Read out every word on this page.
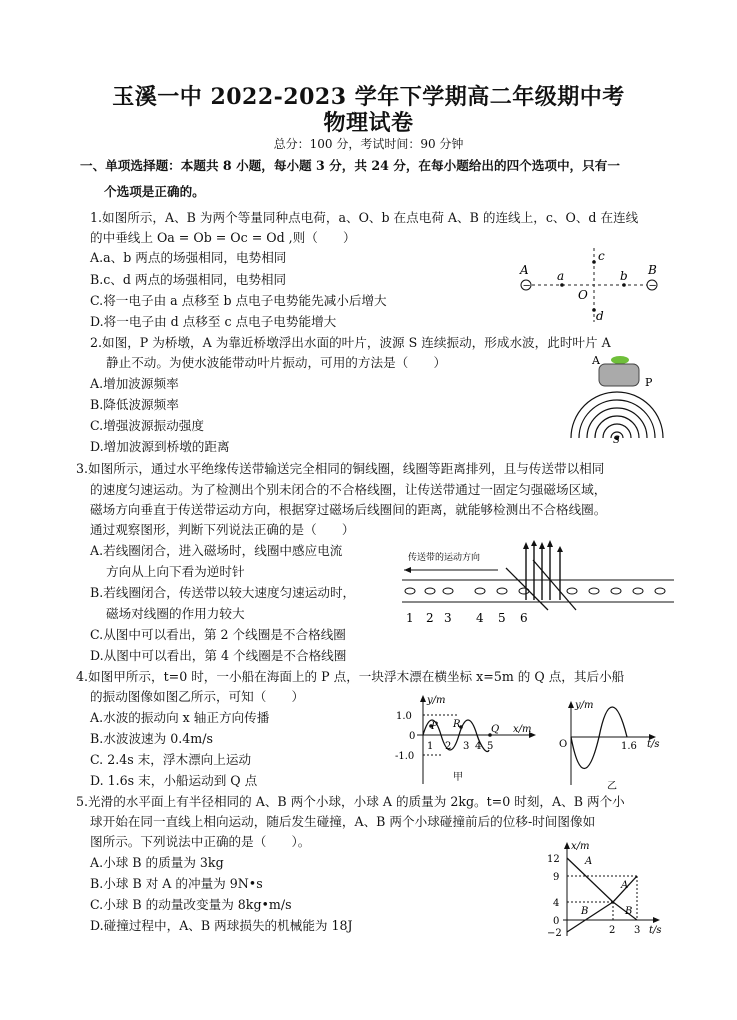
玉溪一中 2022-2023 学年下学期高二年级期中考
物理试卷
总分：100 分，考试时间：90 分钟
一、单项选择题：本题共 8 小题，每小题 3 分，共 24 分，在每小题给出的四个选项中，只有一
个选项是正确的。
1.如图所示，A、B 为两个等量同种点电荷，a、O、b 在点电荷 A、B 的连线上，c、O、d 在连线
的中垂线上 Oa = Ob = Oc = Od ,则（　　）
A.a、b 两点的场强相同，电势相同
B.c、d 两点的场强相同，电势相同
C.将一电子由 a 点移至 b 点电子电势能先减小后增大
D.将一电子由 d 点移至 c 点电子电势能增大
−	−
A	B
a	b
c
d
O
2.如图，P 为桥墩，A 为靠近桥墩浮出水面的叶片，波源 S 连续振动，形成水波，此时叶片 A
静止不动。为使水波能带动叶片振动，可用的方法是（　　）
A.增加波源频率
B.降低波源频率
C.增强波源振动强度
D.增加波源到桥墩的距离
A
P
S
3.如图所示，通过水平绝缘传送带输送完全相同的铜线圈，线圈等距离排列，且与传送带以相同
的速度匀速运动。为了检测出个别未闭合的不合格线圈，让传送带通过一固定匀强磁场区域，
磁场方向垂直于传送带运动方向，根据穿过磁场后线圈间的距离，就能够检测出不合格线圈。
通过观察图形，判断下列说法正确的是（　　）
A.若线圈闭合，进入磁场时，线圈中感应电流
方向从上向下看为逆时针
B.若线圈闭合，传送带以较大速度匀速运动时，
磁场对线圈的作用力较大
C.从图中可以看出，第 2 个线圈是不合格线圈
D.从图中可以看出，第 4 个线圈是不合格线圈
传送带的运动方向
1 2 3 4 5 6
4.如图甲所示，t=0 时，一小船在海面上的 P 点，一块浮木漂在横坐标 x=5m 的 Q 点，其后小船
的振动图像如图乙所示，可知（　　）
A.水波的振动向 x 轴正方向传播
B.水波波速为 0.4m/s
C. 2.4s 末，浮木漂向上运动
D. 1.6s 末，小船运动到 Q 点
y/m
x/m
1.0
0
-1.0
1 2 3 4 5
P R	Q
甲
y/m
t/s
O	1.6
乙
5.光滑的水平面上有半径相同的 A、B 两个小球，小球 A 的质量为 2kg。t=0 时刻，A、B 两个小
球开始在同一直线上相向运动，随后发生碰撞，A、B 两个小球碰撞前后的位移-时间图像如
图所示。下列说法中正确的是（　　）。
A.小球 B 的质量为 3kg
B.小球 B 对 A 的冲量为 9N•s
C.小球 B 的动量改变量为 8kg•m/s
D.碰撞过程中，A、B 两球损失的机械能为 18J
x/m
t/s
12
9
4
0
−2
A
A
B	B
2 3
